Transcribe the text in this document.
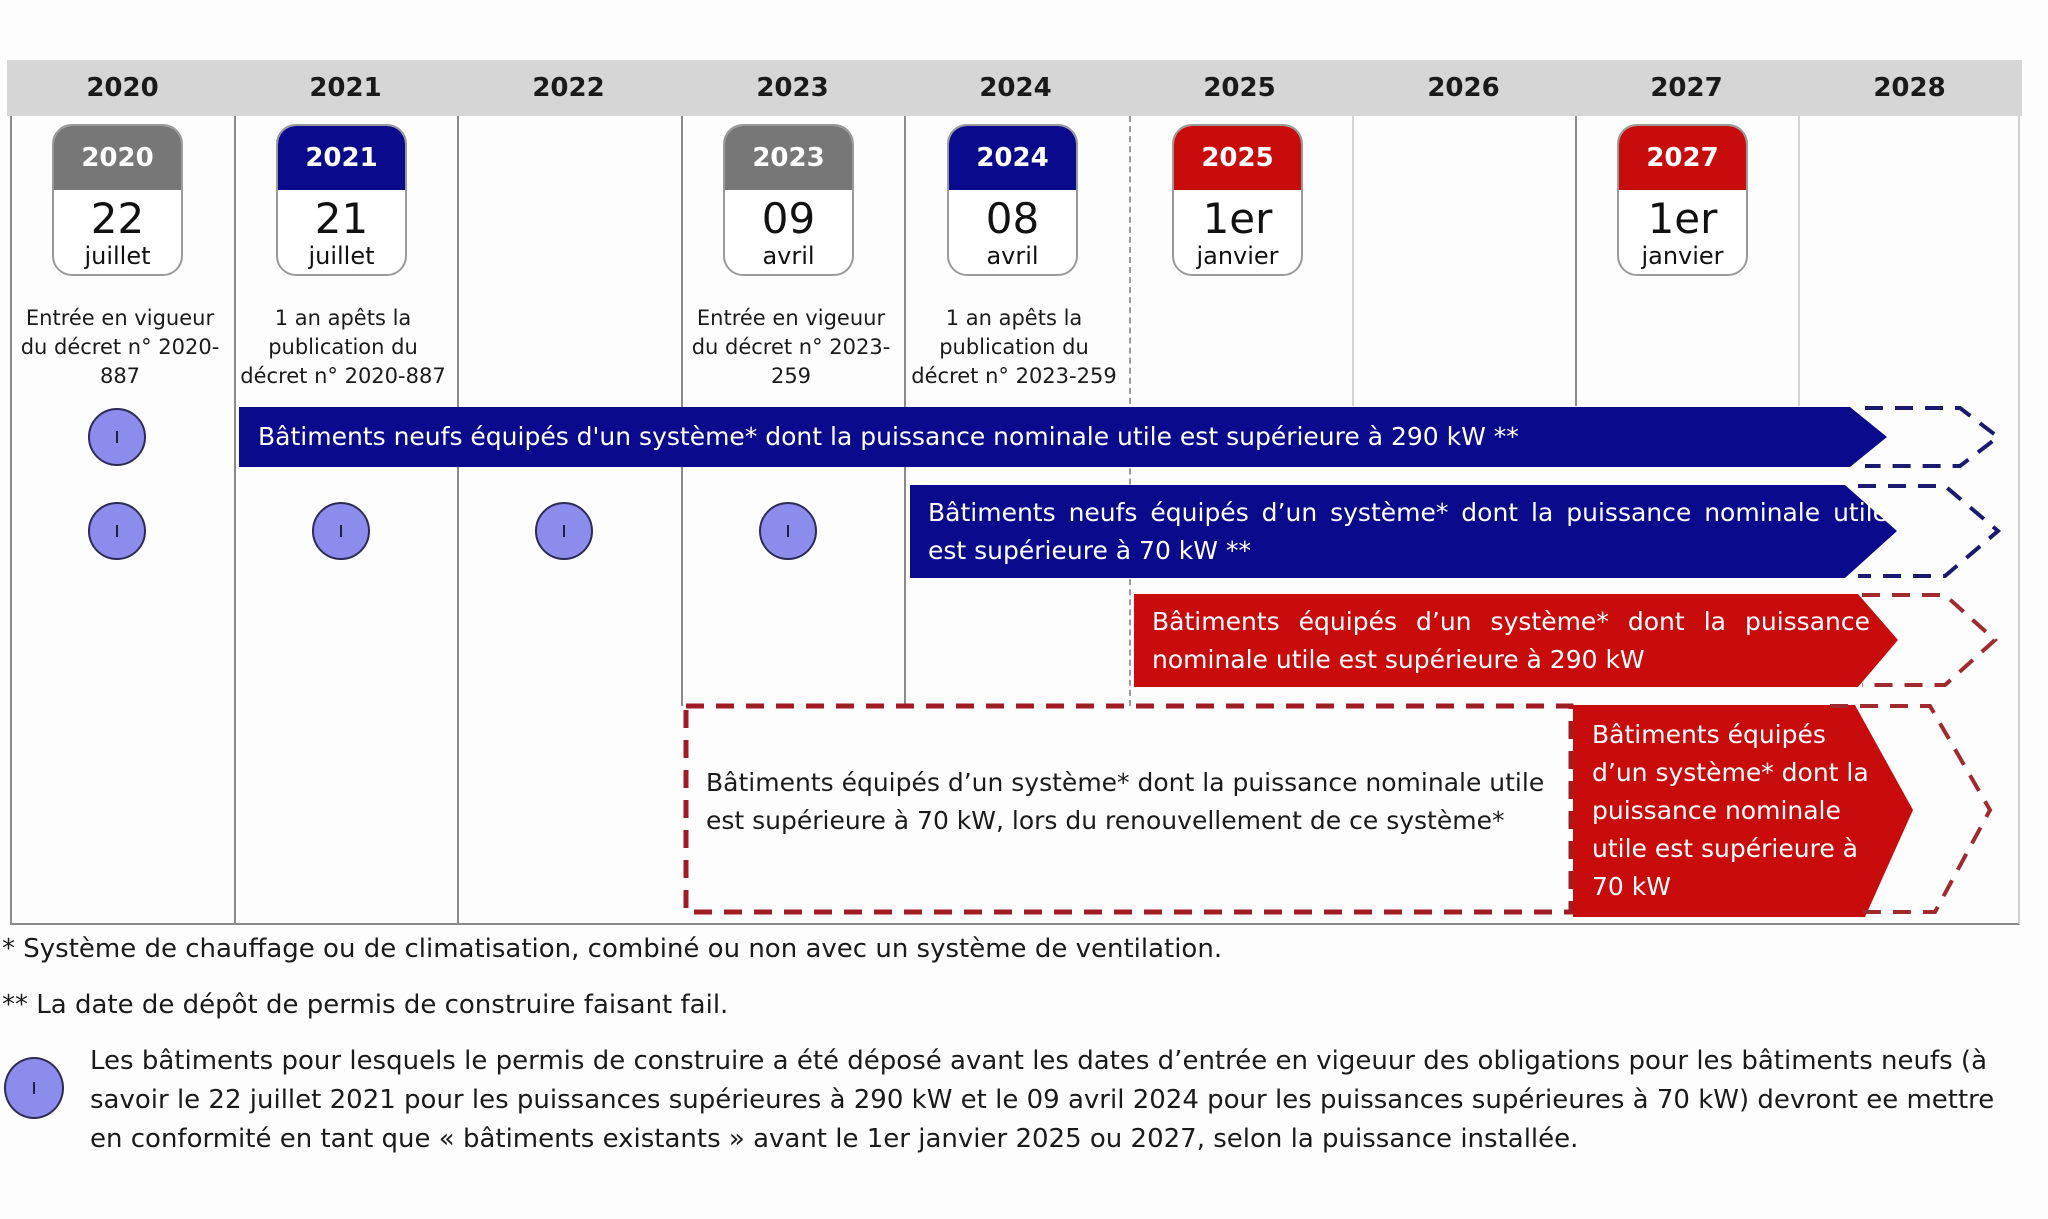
2020	2021	2022	2023	2024	2025	2026	2027	2028
2020
22
juillet
2021
21
juillet
2023
09
avril
2024
08
avril
2025
1er
janvier
2027
1er
janvier
Entrée en vigueur du décret n° 2020-887
1 an apêts la publication du décret n° 2020-887
Entrée en vigeuur du décret n° 2023-259
1 an apêts la publication du décret n° 2023-259
Bâtiments neufs équipés d'un système* dont la puissance nominale utile est supérieure à 290 kW **
Bâtiments neufs équipés d’un système* dont la puissance nominale utile est supérieure à 70 kW **
Bâtiments équipés d’un système* dont la puissance nominale utile est supérieure à 290 kW
Bâtiments équipés d’un système* dont la puissance nominale utile est supérieure à 70 kW, lors du renouvellement de ce système*
Bâtiments équipés d’un système* dont la puissance nominale utile est supérieure à 70 kW
* Système de chauffage ou de climatisation, combiné ou non avec un système de ventilation.
** La date de dépôt de permis de construire faisant fail.
Les bâtiments pour lesquels le permis de construire a été déposé avant les dates d’entrée en vigeuur des obligations pour les bâtiments neufs (à savoir le 22 juillet 2021 pour les puissances supérieures à 290 kW et le 09 avril 2024 pour les puissances supérieures à 70 kW) devront ee mettre en conformité en tant que « bâtiments existants » avant le 1er janvier 2025 ou 2027, selon la puissance installée.
